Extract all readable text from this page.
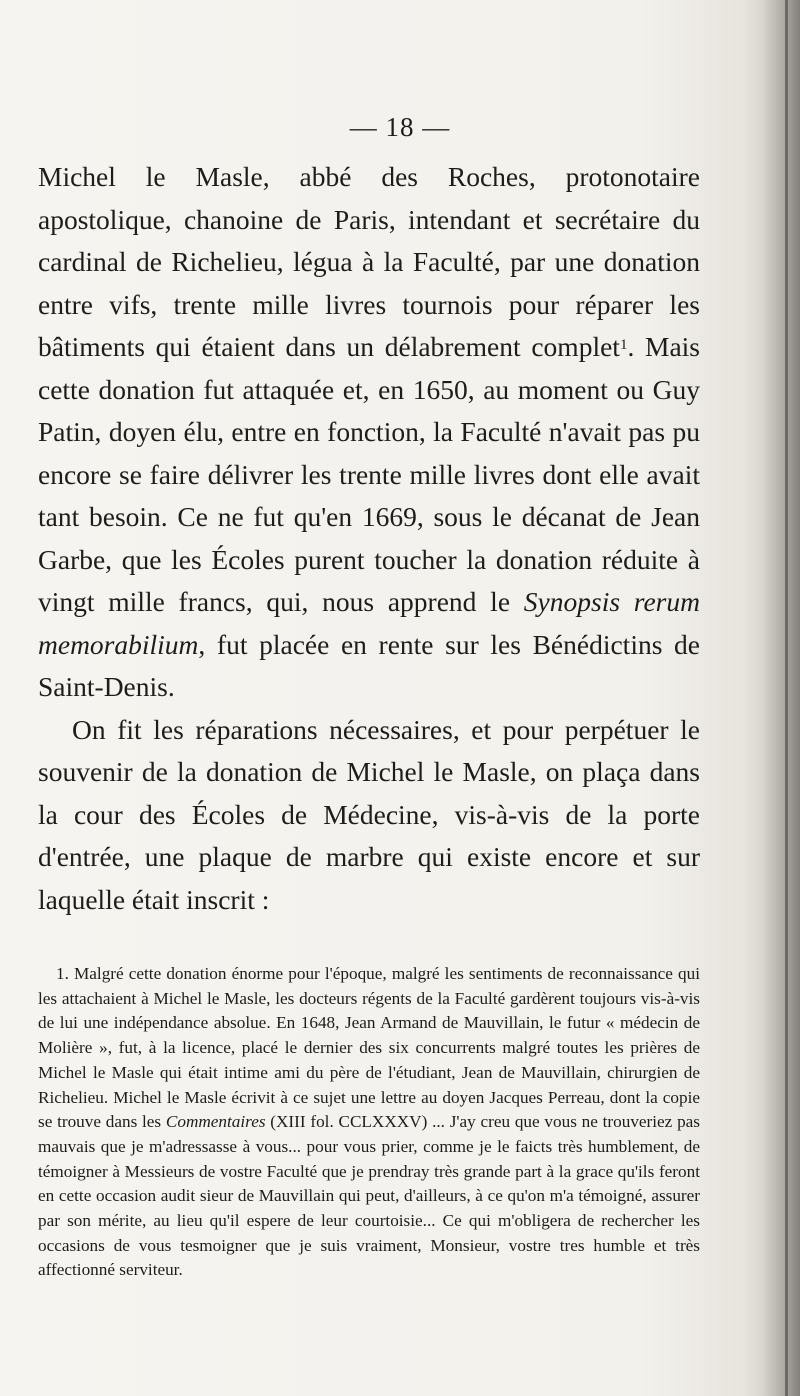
— 18 —

Michel le Masle, abbé des Roches, protonotaire apostolique, chanoine de Paris, intendant et secrétaire du cardinal de Richelieu, légua à la Faculté, par une donation entre vifs, trente mille livres tournois pour réparer les bâtiments qui étaient dans un délabrement complet$^1$. Mais cette donation fut attaquée et, en 1650, au moment ou Guy Patin, doyen élu, entre en fonction, la Faculté n'avait pas pu encore se faire délivrer les trente mille livres dont elle avait tant besoin. Ce ne fut qu'en 1669, sous le décanat de Jean Garbe, que les Écoles purent toucher la donation réduite à vingt mille francs, qui, nous apprend le Synopsis rerum memorabilium, fut placée en rente sur les Bénédictins de Saint-Denis.

On fit les réparations nécessaires, et pour perpétuer le souvenir de la donation de Michel le Masle, on plaça dans la cour des Écoles de Médecine, vis-à-vis de la porte d'entrée, une plaque de marbre qui existe encore et sur laquelle était inscrit :

1. Malgré cette donation énorme pour l'époque, malgré les sentiments de reconnaissance qui les attachaient à Michel le Masle, les docteurs régents de la Faculté gardèrent toujours vis-à-vis de lui une indépendance absolue. En 1648, Jean Armand de Mauvillain, le futur « médecin de Molière », fut, à la licence, placé le dernier des six concurrents malgré toutes les prières de Michel le Masle qui était intime ami du père de l'étudiant, Jean de Mauvillain, chirurgien de Richelieu. Michel le Masle écrivit à ce sujet une lettre au doyen Jacques Perreau, dont la copie se trouve dans les Commentaires (XIII fol. CCLXXXV) ... J'ay creu que vous ne trouveriez pas mauvais que je m'adressasse à vous... pour vous prier, comme je le faicts très humblement, de témoigner à Messieurs de vostre Faculté que je prendray très grande part à la grace qu'ils feront en cette occasion audit sieur de Mauvillain qui peut, d'ailleurs, à ce qu'on m'a témoigné, assurer par son mérite, au lieu qu'il espere de leur courtoisie... Ce qui m'obligera de rechercher les occasions de vous tesmoigner que je suis vraiment, Monsieur, vostre tres humble et très affectionné serviteur.
